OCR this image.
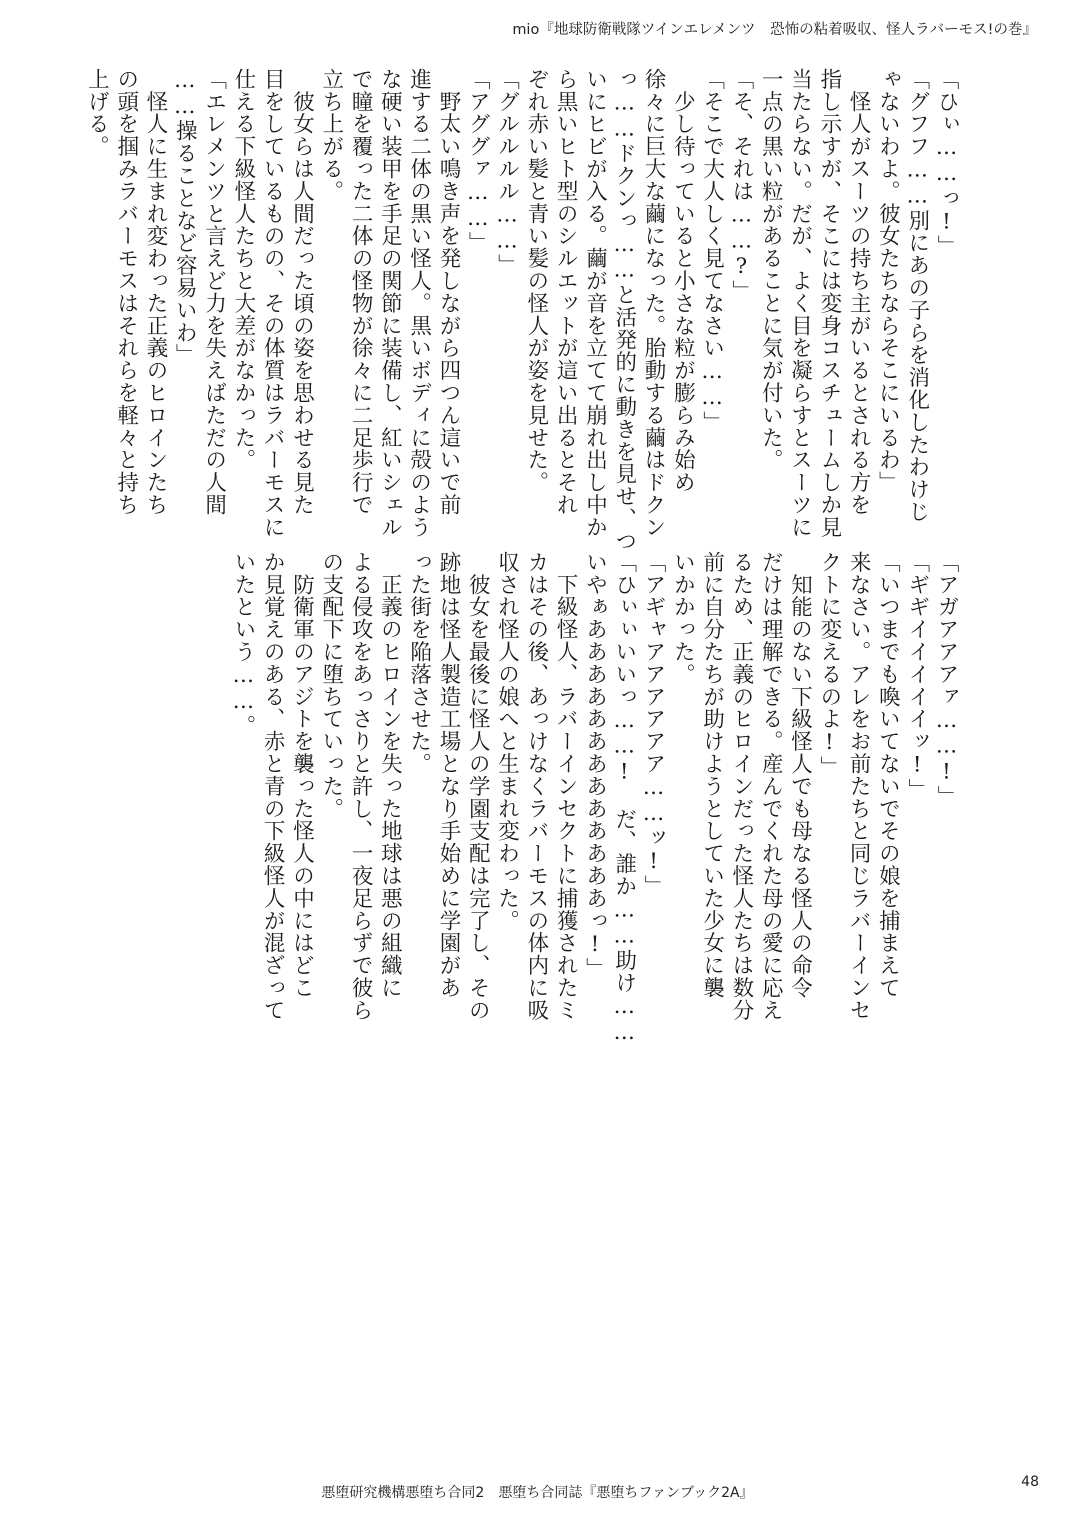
mio『地球防衛戦隊ツインエレメンツ　恐怖の粘着吸収、怪人ラバーモス!の巻』
「ひぃ……っ!」
「グフフ……別にあの子らを消化したわけじ
ゃないわよ。彼女たちならそこにいるわ」
　怪人がスーツの持ち主がいるとされる方を
指し示すが、そこには変身コスチュームしか見
当たらない。だが、よく目を凝らすとスーツに
一点の黒い粒があることに気が付いた。
「そ、それは……?」
「そこで大人しく見てなさい……」
　少し待っていると小さな粒が膨らみ始め
徐々に巨大な繭になった。胎動する繭はドクン
っ……ドクンっ……と活発的に動きを見せ、つ
いにヒビが入る。繭が音を立てて崩れ出し中か
ら黒いヒト型のシルエットが這い出るとそれ
ぞれ赤い髪と青い髪の怪人が姿を見せた。
「グルルルル……」
「アググァ……」
　野太い鳴き声を発しながら四つん這いで前
進する二体の黒い怪人。黒いボディに殻のよう
な硬い装甲を手足の関節に装備し、紅いシェル
で瞳を覆った二体の怪物が徐々に二足歩行で
立ち上がる。
　彼女らは人間だった頃の姿を思わせる見た
目をしているものの、その体質はラバーモスに
仕える下級怪人たちと大差がなかった。
「エレメンツと言えど力を失えばただの人間
……操ることなど容易いわ」
　怪人に生まれ変わった正義のヒロインたち
の頭を掴みラバーモスはそれらを軽々と持ち
上げる。
「アガアアアァ……!」
「ギギイイイイイッ!」
「いつまでも喚いてないでその娘を捕まえて
来なさい。アレをお前たちと同じラバーインセ
クトに変えるのよ!」
　知能のない下級怪人でも母なる怪人の命令
だけは理解できる。産んでくれた母の愛に応え
るため、正義のヒロインだった怪人たちは数分
前に自分たちが助けようとしていた少女に襲
いかかった。
「アギャアアアアアア……ッ!」
「ひぃぃいいっ……!　だ、誰か……助け……
いやぁあああああああああああああっ!」
　下級怪人、ラバーインセクトに捕獲されたミ
カはその後、あっけなくラバーモスの体内に吸
収され怪人の娘へと生まれ変わった。
　彼女を最後に怪人の学園支配は完了し、その
跡地は怪人製造工場となり手始めに学園があ
った街を陥落させた。
　正義のヒロインを失った地球は悪の組織に
よる侵攻をあっさりと許し、一夜足らずで彼ら
の支配下に堕ちていった。
　防衛軍のアジトを襲った怪人の中にはどこ
か見覚えのある、赤と青の下級怪人が混ざって
いたという……。
悪堕研究機構悪堕ち合同2　悪堕ち合同誌『悪堕ちファンブック2A』
48
